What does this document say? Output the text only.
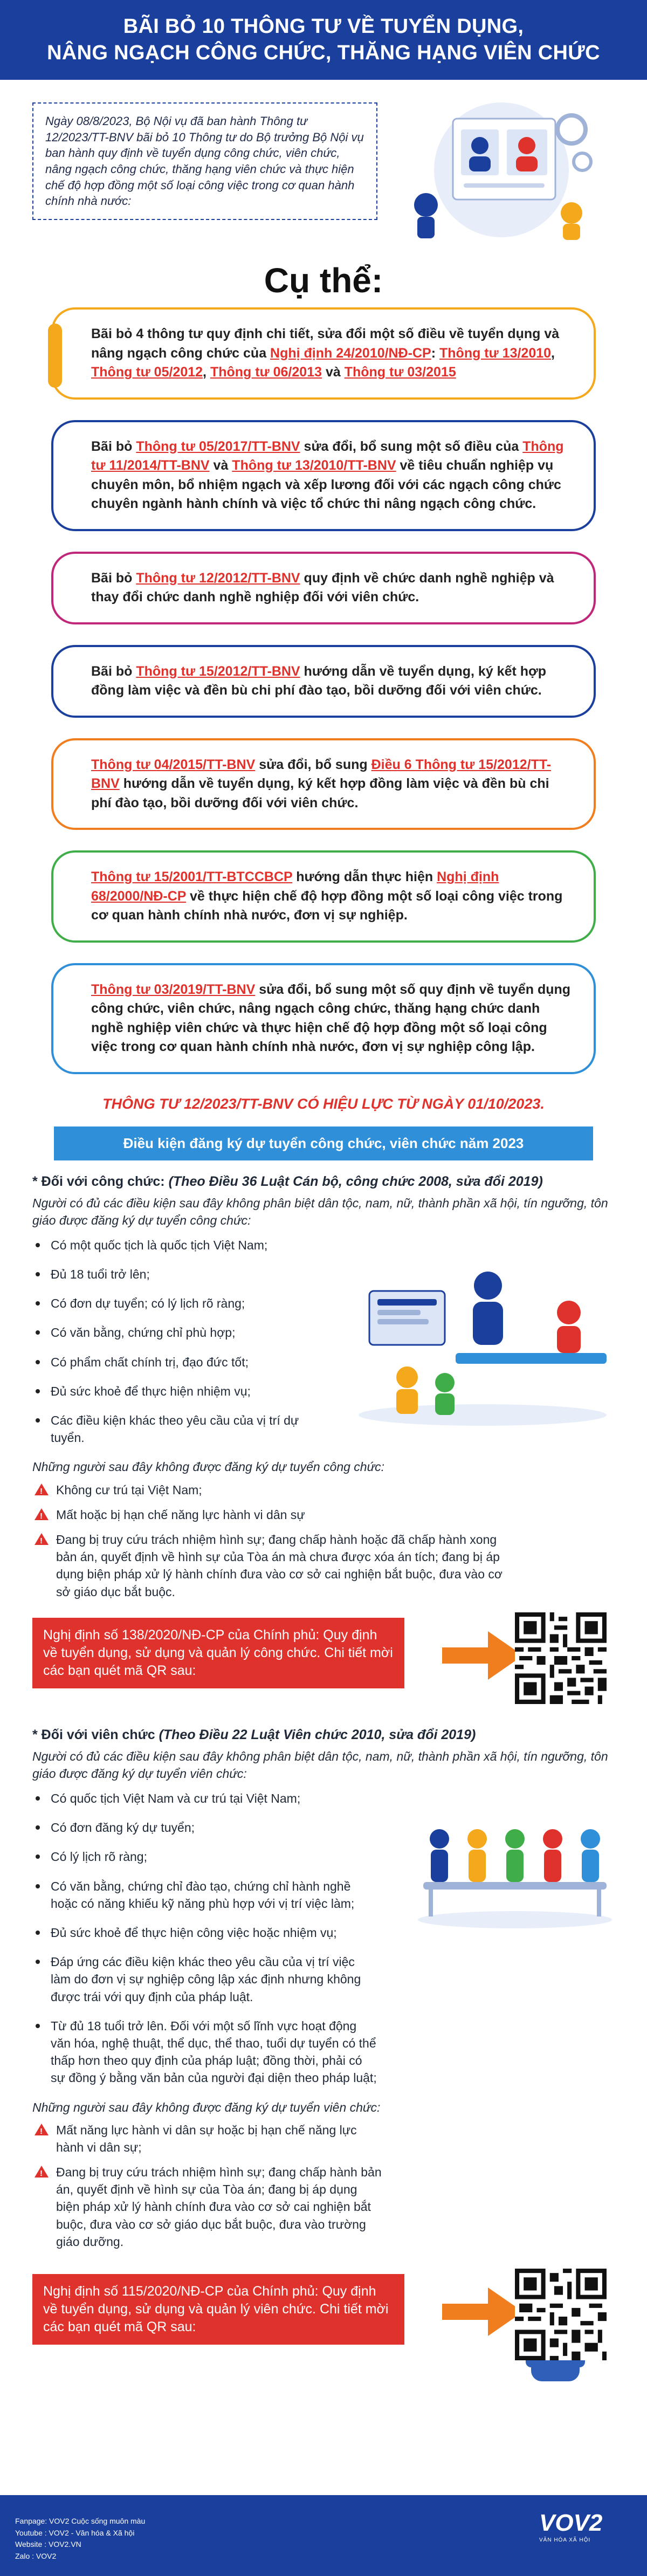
BÃI BỎ 10 THÔNG TƯ VỀ TUYỂN DỤNG,
NÂNG NGẠCH CÔNG CHỨC, THĂNG HẠNG VIÊN CHỨC
Ngày 08/8/2023, Bộ Nội vụ đã ban hành Thông tư 12/2023/TT-BNV bãi bỏ 10 Thông tư do Bộ trưởng Bộ Nội vụ ban hành quy định về tuyển dụng công chức, viên chức, nâng ngạch công chức, thăng hạng viên chức và thực hiện chế độ hợp đồng một số loại công việc trong cơ quan hành chính nhà nước:
Cụ thể:
Bãi bỏ 4 thông tư quy định chi tiết, sửa đổi một số điều về tuyển dụng và nâng ngạch công chức của Nghị định 24/2010/NĐ-CP: Thông tư 13/2010, Thông tư 05/2012, Thông tư 06/2013 và Thông tư 03/2015
Bãi bỏ Thông tư 05/2017/TT-BNV sửa đổi, bổ sung một số điều của Thông tư 11/2014/TT-BNV và Thông tư 13/2010/TT-BNV về tiêu chuẩn nghiệp vụ chuyên môn, bổ nhiệm ngạch và xếp lương đối với các ngạch công chức chuyên ngành hành chính và việc tổ chức thi nâng ngạch công chức.
Bãi bỏ Thông tư 12/2012/TT-BNV quy định về chức danh nghề nghiệp và thay đổi chức danh nghề nghiệp đối với viên chức.
Bãi bỏ Thông tư 15/2012/TT-BNV hướng dẫn về tuyển dụng, ký kết hợp đồng làm việc và đền bù chi phí đào tạo, bồi dưỡng đối với viên chức.
Thông tư 04/2015/TT-BNV sửa đổi, bổ sung Điều 6 Thông tư 15/2012/TT-BNV hướng dẫn về tuyển dụng, ký kết hợp đồng làm việc và đền bù chi phí đào tạo, bồi dưỡng đối với viên chức.
Thông tư 15/2001/TT-BTCCBCP hướng dẫn thực hiện Nghị định 68/2000/NĐ-CP về thực hiện chế độ hợp đồng một số loại công việc trong cơ quan hành chính nhà nước, đơn vị sự nghiệp.
Thông tư 03/2019/TT-BNV sửa đổi, bổ sung một số quy định về tuyển dụng công chức, viên chức, nâng ngạch công chức, thăng hạng chức danh nghề nghiệp viên chức và thực hiện chế độ hợp đồng một số loại công việc trong cơ quan hành chính nhà nước, đơn vị sự nghiệp công lập.
THÔNG TƯ 12/2023/TT-BNV CÓ HIỆU LỰC TỪ NGÀY 01/10/2023.
Điều kiện đăng ký dự tuyển công chức, viên chức năm 2023
* Đối với công chức: (Theo Điều 36 Luật Cán bộ, công chức 2008, sửa đổi 2019)
Người có đủ các điều kiện sau đây không phân biệt dân tộc, nam, nữ, thành phần xã hội, tín ngưỡng, tôn giáo được đăng ký dự tuyển công chức:
Có một quốc tịch là quốc tịch Việt Nam;
Đủ 18 tuổi trở lên;
Có đơn dự tuyển; có lý lịch rõ ràng;
Có văn bằng, chứng chỉ phù hợp;
Có phẩm chất chính trị, đạo đức tốt;
Đủ sức khoẻ để thực hiện nhiệm vụ;
Các điều kiện khác theo yêu cầu của vị trí dự tuyển.
Những người sau đây không được đăng ký dự tuyển công chức:
!
Không cư trú tại Việt Nam;
!
Mất hoặc bị hạn chế năng lực hành vi dân sự
!
Đang bị truy cứu trách nhiệm hình sự; đang chấp hành hoặc đã chấp hành xong bản án, quyết định về hình sự của Tòa án mà chưa được xóa án tích; đang bị áp dụng biện pháp xử lý hành chính đưa vào cơ sở cai nghiện bắt buộc, đưa vào cơ sở giáo dục bắt buộc.
Nghị định số 138/2020/NĐ-CP của Chính phủ: Quy định về tuyển dụng, sử dụng và quản lý công chức. Chi tiết mời các bạn quét mã QR sau:
* Đối với viên chức (Theo Điều 22 Luật Viên chức 2010, sửa đổi 2019)
Người có đủ các điều kiện sau đây không phân biệt dân tộc, nam, nữ, thành phần xã hội, tín ngưỡng, tôn giáo được đăng ký dự tuyển viên chức:
Có quốc tịch Việt Nam và cư trú tại Việt Nam;
Có đơn đăng ký dự tuyển;
Có lý lịch rõ ràng;
Có văn bằng, chứng chỉ đào tạo, chứng chỉ hành nghề hoặc có năng khiếu kỹ năng phù hợp với vị trí việc làm;
Đủ sức khoẻ để thực hiện công việc hoặc nhiệm vụ;
Đáp ứng các điều kiện khác theo yêu cầu của vị trí việc làm do đơn vị sự nghiệp công lập xác định nhưng không được trái với quy định của pháp luật.
Từ đủ 18 tuổi trở lên. Đối với một số lĩnh vực hoạt động văn hóa, nghệ thuật, thể dục, thể thao, tuổi dự tuyển có thể thấp hơn theo quy định của pháp luật; đồng thời, phải có sự đồng ý bằng văn bản của người đại diện theo pháp luật;
Những người sau đây không được đăng ký dự tuyển viên chức:
!
Mất năng lực hành vi dân sự hoặc bị hạn chế năng lực hành vi dân sự;
!
Đang bị truy cứu trách nhiệm hình sự; đang chấp hành bản án, quyết định về hình sự của Tòa án; đang bị áp dụng biện pháp xử lý hành chính đưa vào cơ sở cai nghiện bắt buộc, đưa vào cơ sở giáo dục bắt buộc, đưa vào trường giáo dưỡng.
Nghị định số 115/2020/NĐ-CP của Chính phủ: Quy định về tuyển dụng, sử dụng và quản lý viên chức. Chi tiết mời các bạn quét mã QR sau:
Fanpage: VOV2 Cuộc sống muôn màu
Youtube : VOV2 - Văn hóa & Xã hội
Website : VOV2.VN
Zalo : VOV2
VOV2
VĂN HÓA XÃ HỘI
